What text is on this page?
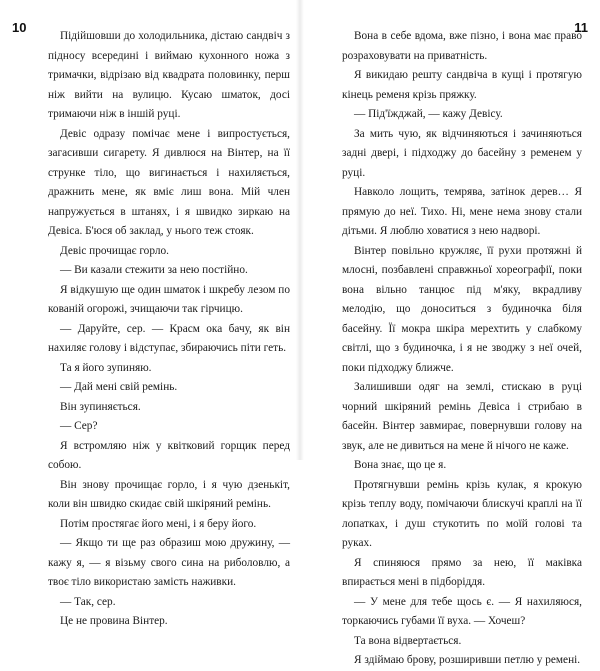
10

Підійшовши до холодильника, дістаю сандвіч з підносу всередині і виймаю кухонного ножа з тримачки, відрізаю від квадрата половинку, перш ніж вийти на вулицю. Кусаю шматок, досі тримаючи ніж в іншій руці.

Девіс одразу помічає мене і випростується, загасивши сигарету. Я дивлюся на Вінтер, на її струнке тіло, що вигинається і нахиляється, дражнить мене, як вміє лиш вона. Мій член напружується в штанях, і я швидко зиркаю на Девіса. Б'юся об заклад, у нього теж стояк.

Девіс прочищає горло.

— Ви казали стежити за нею постійно.

Я відкушую ще один шматок і шкребу лезом по кованій огорожі, зчищаючи так гірчицю.

— Даруйте, сер. — Красм ока бачу, як він нахиляє голову і відступає, збираючись піти геть.

Та я його зупиняю.

— Дай мені свій ремінь.

Він зупиняється.

— Сер?

Я встромляю ніж у квітковий горщик перед собою.

Він знову прочищає горло, і я чую дзенькіт, коли він швидко скидає свій шкіряний ремінь.

Потім простягає його мені, і я беру його.

— Якщо ти ще раз образиш мою дружину, — кажу я, — я візьму свого сина на риболовлю, а твоє тіло використаю замість наживки.

— Так, сер.

Це не провина Вінтер.

11

Вона в себе вдома, вже пізно, і вона має право розраховувати на приватність.

Я викидаю решту сандвіча в кущі і протягую кінець ременя крізь пряжку.

— Під'їжджай, — кажу Девісу.

За мить чую, як відчиняються і зачиняються задні двері, і підходжу до басейну з ременем у руці.

Навколо лощить, темрява, затінок дерев… Я прямую до неї. Тихо. Ні, мене нема знову стали дітьми. Я люблю ховатися з нею надворі.

Вінтер повільно кружляє, її рухи протяжні й млосні, позбавлені справжньої хореографії, поки вона вільно танцює під м'яку, вкрадливу мелодію, що доноситься з будиночка біля басейну. Її мокра шкіра мерехтить у слабкому світлі, що з будиночка, і я не зводжу з неї очей, поки підходжу ближче.

Залишивши одяг на землі, стискаю в руці чорний шкіряний ремінь Девіса і стрибаю в басейн. Вінтер завмирає, повернувши голову на звук, але не дивиться на мене й нічого не каже.

Вона знає, що це я.

Протягнувши ремінь крізь кулак, я крокую крізь теплу воду, помічаючи блискучі краплі на її лопатках, і душ стукотить по моїй голові та руках.

Я спиняюся прямо за нею, її маківка впирається мені в підборіддя.

— У мене для тебе щось є. — Я нахиляюся, торкаючись губами її вуха. — Хочеш?

Та вона відвертається.

Я здіймаю брову, розширивши петлю у ремені.
